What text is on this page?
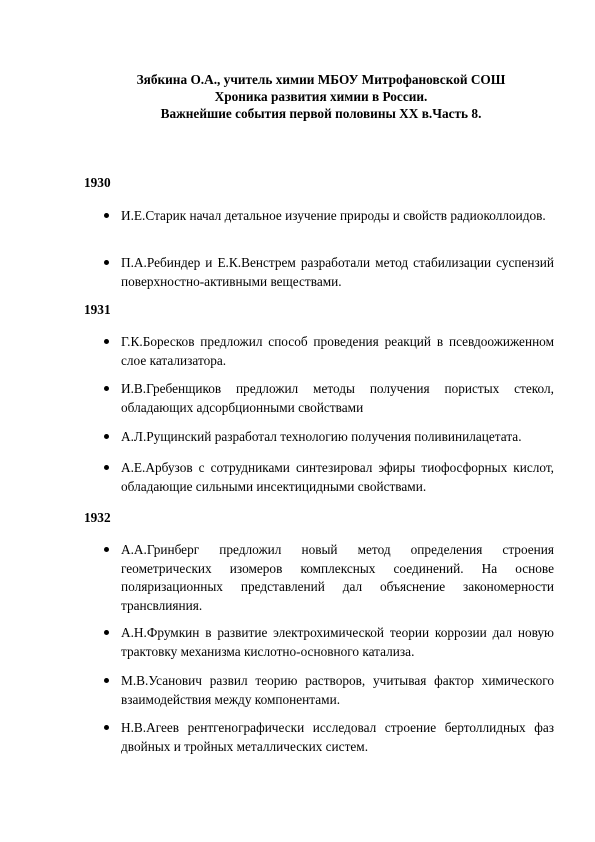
Зябкина О.А., учитель химии МБОУ Митрофановской СОШ
Хроника развития химии в России.
Важнейшие события первой половины ХХ в.Часть 8.
1930
И.Е.Старик начал детальное изучение природы и свойств радиоколлоидов.
П.А.Ребиндер и Е.К.Венстрем разработали метод стабилизации суспензий поверхностно-активными веществами.
1931
Г.К.Боресков предложил способ проведения реакций в псевдоожиженном слое катализатора.
И.В.Гребенщиков предложил методы получения пористых стекол, обладающих адсорбционными свойствами
А.Л.Рущинский разработал технологию получения поливинилацетата.
А.Е.Арбузов с сотрудниками синтезировал эфиры тиофосфорных кислот, обладающие сильными инсектицидными свойствами.
1932
А.А.Гринберг предложил новый метод определения строения геометрических изомеров комплексных соединений. На основе поляризационных представлений дал объяснение закономерности трансвлияния.
А.Н.Фрумкин в развитие электрохимической теории коррозии дал новую трактовку механизма кислотно-основного катализа.
М.В.Усанович развил теорию растворов, учитывая фактор химического взаимодействия между компонентами.
Н.В.Агеев рентгенографически исследовал строение бертоллидных фаз двойных и тройных металлических систем.
